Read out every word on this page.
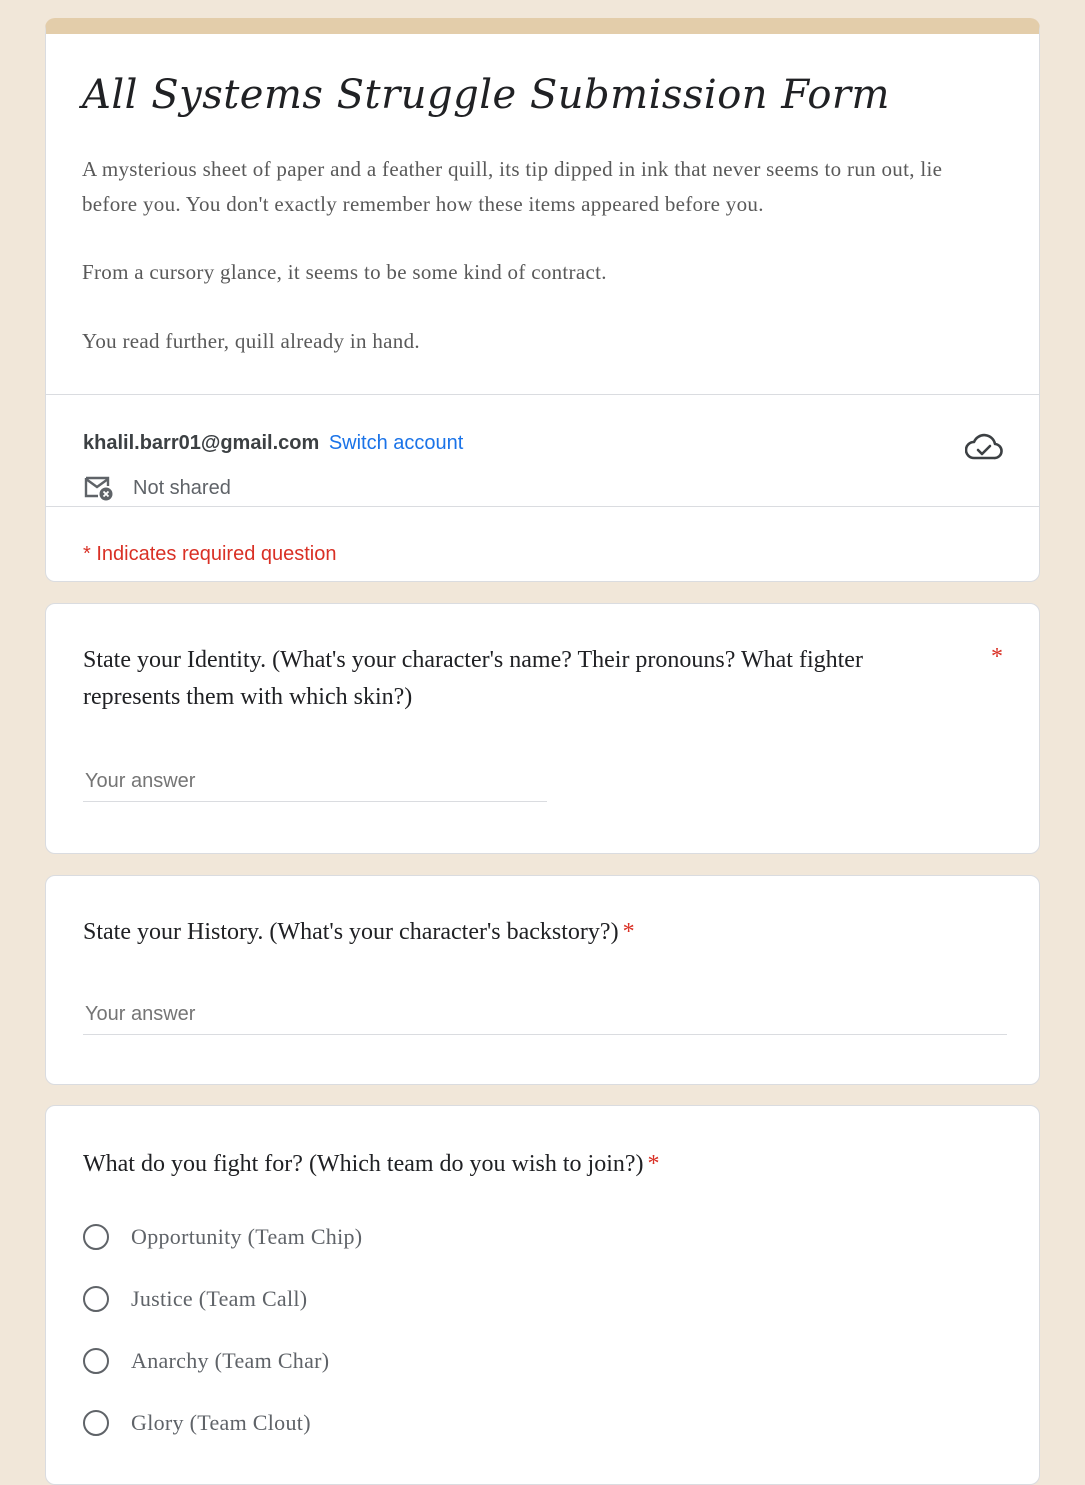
All Systems Struggle Submission Form

A mysterious sheet of paper and a feather quill, its tip dipped in ink that never seems to run out, lie before you. You don't exactly remember how these items appeared before you.

From a cursory glance, it seems to be some kind of contract.

You read further, quill already in hand.

khalil.barr01@gmail.com Switch account
Not shared
* Indicates required question
State your Identity. (What's your character's name? Their pronouns? What fighter represents them with which skin?)
*
Your answer
State your History. (What's your character's backstory?) *
Your answer
What do you fight for? (Which team do you wish to join?) *
Opportunity (Team Chip)
Justice (Team Call)
Anarchy (Team Char)
Glory (Team Clout)
